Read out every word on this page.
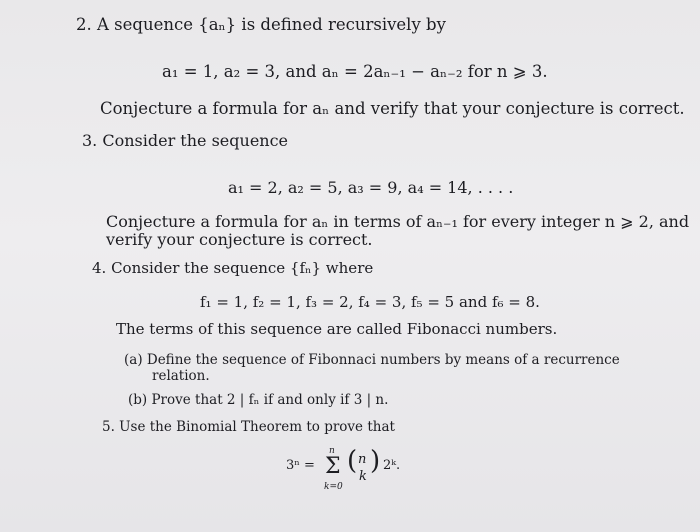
2. A sequence {aₙ} is defined recursively by
a₁ = 1, a₂ = 3, and aₙ = 2aₙ₋₁ − aₙ₋₂ for n ⩾ 3.
Conjecture a formula for aₙ and verify that your conjecture is correct.
3. Consider the sequence
a₁ = 2, a₂ = 5, a₃ = 9, a₄ = 14, . . . .
Conjecture a formula for aₙ in terms of aₙ₋₁ for every integer n ⩾ 2, and
verify your conjecture is correct.
4. Consider the sequence {fₙ} where
f₁ = 1, f₂ = 1, f₃ = 2, f₄ = 3, f₅ = 5 and f₆ = 8.
The terms of this sequence are called Fibonacci numbers.
(a) Define the sequence of Fibonnaci numbers by means of a recurrence
relation.
(b) Prove that 2 | fₙ if and only if 3 | n.
5. Use the Binomial Theorem to prove that
3ⁿ =
n
Σ
k=0
( n
k
) 2ᵏ.
